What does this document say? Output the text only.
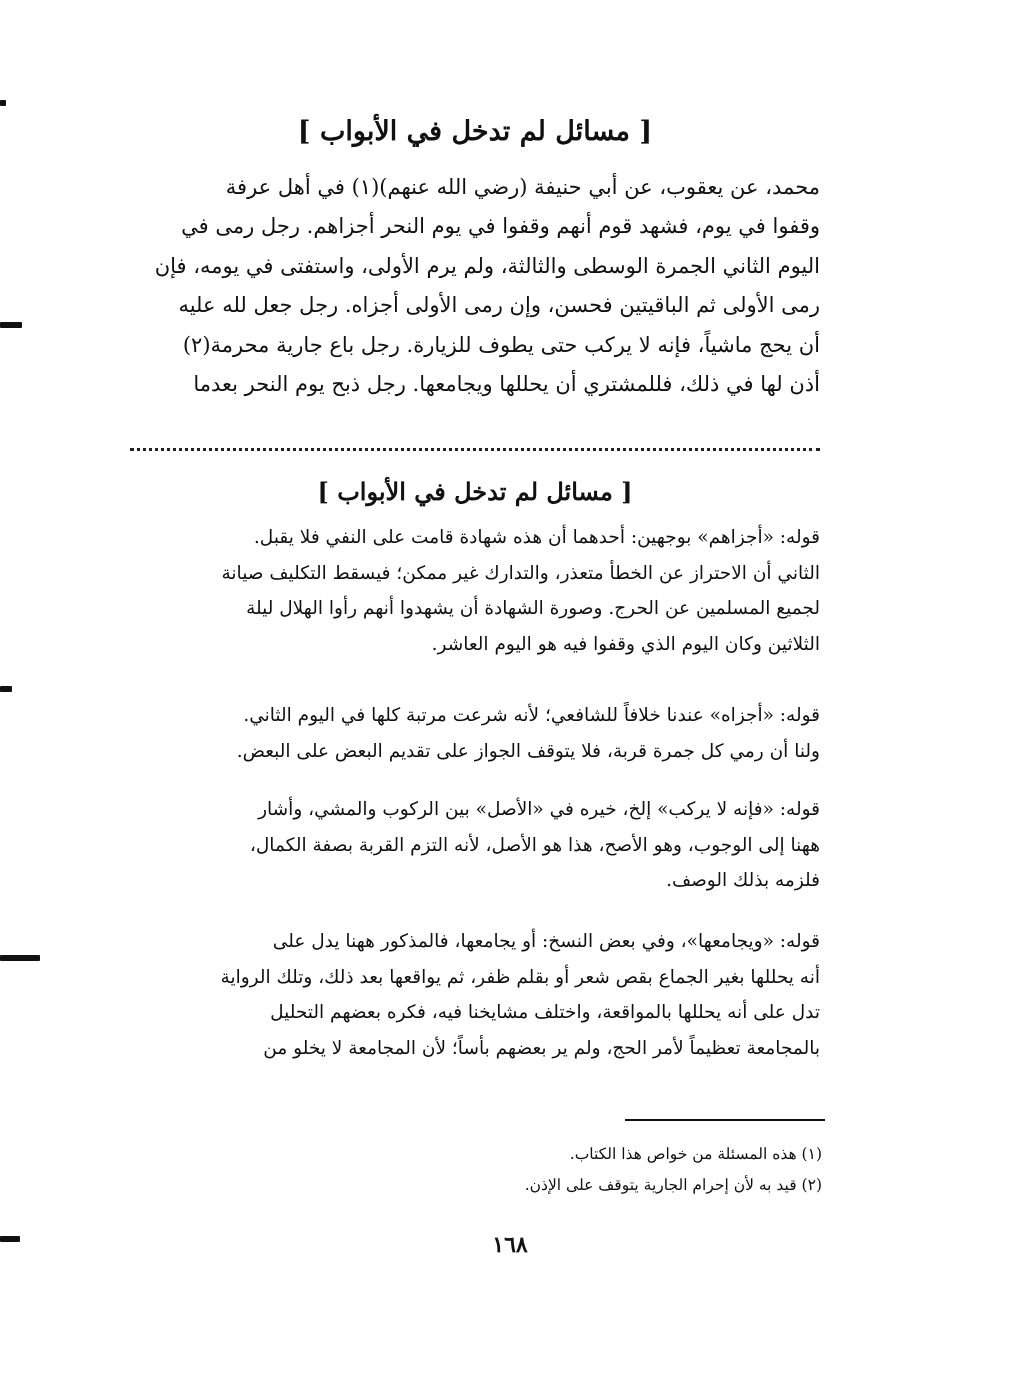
[ مسائل لم تدخل في الأبواب ]
محمد، عن يعقوب، عن أبي حنيفة (رضي الله عنهم)(١) في أهل عرفة
وقفوا في يوم، فشهد قوم أنهم وقفوا في يوم النحر أجزاهم. رجل رمى في
اليوم الثاني الجمرة الوسطى والثالثة، ولم يرم الأولى، واستفتى في يومه، فإن
رمى الأولى ثم الباقيتين فحسن، وإن رمى الأولى أجزاه. رجل جعل لله عليه
أن يحج ماشياً، فإنه لا يركب حتى يطوف للزيارة. رجل باع جارية محرمة(٢)
أذن لها في ذلك، فللمشتري أن يحللها ويجامعها. رجل ذبح يوم النحر بعدما
[ مسائل لم تدخل في الأبواب ]
قوله: «أجزاهم» بوجهين: أحدهما أن هذه شهادة قامت على النفي فلا يقبل.
الثاني أن الاحتراز عن الخطأ متعذر، والتدارك غير ممكن؛ فيسقط التكليف صيانة
لجميع المسلمين عن الحرج. وصورة الشهادة أن يشهدوا أنهم رأوا الهلال ليلة
الثلاثين وكان اليوم الذي وقفوا فيه هو اليوم العاشر.
قوله: «أجزاه» عندنا خلافاً للشافعي؛ لأنه شرعت مرتبة كلها في اليوم الثاني.
ولنا أن رمي كل جمرة قربة، فلا يتوقف الجواز على تقديم البعض على البعض.
قوله: «فإنه لا يركب» إلخ، خيره في «الأصل» بين الركوب والمشي، وأشار
ههنا إلى الوجوب، وهو الأصح، هذا هو الأصل، لأنه التزم القربة بصفة الكمال،
فلزمه بذلك الوصف.
قوله: «ويجامعها»، وفي بعض النسخ: أو يجامعها، فالمذكور ههنا يدل على
أنه يحللها بغير الجماع بقص شعر أو بقلم ظفر، ثم يواقعها بعد ذلك، وتلك الرواية
تدل على أنه يحللها بالمواقعة، واختلف مشايخنا فيه، فكره بعضهم التحليل
بالمجامعة تعظيماً لأمر الحج، ولم ير بعضهم بأساً؛ لأن المجامعة لا يخلو من
(١) هذه المسئلة من خواص هذا الكتاب.
(٢) قيد به لأن إحرام الجارية يتوقف على الإذن.
١٦٨
